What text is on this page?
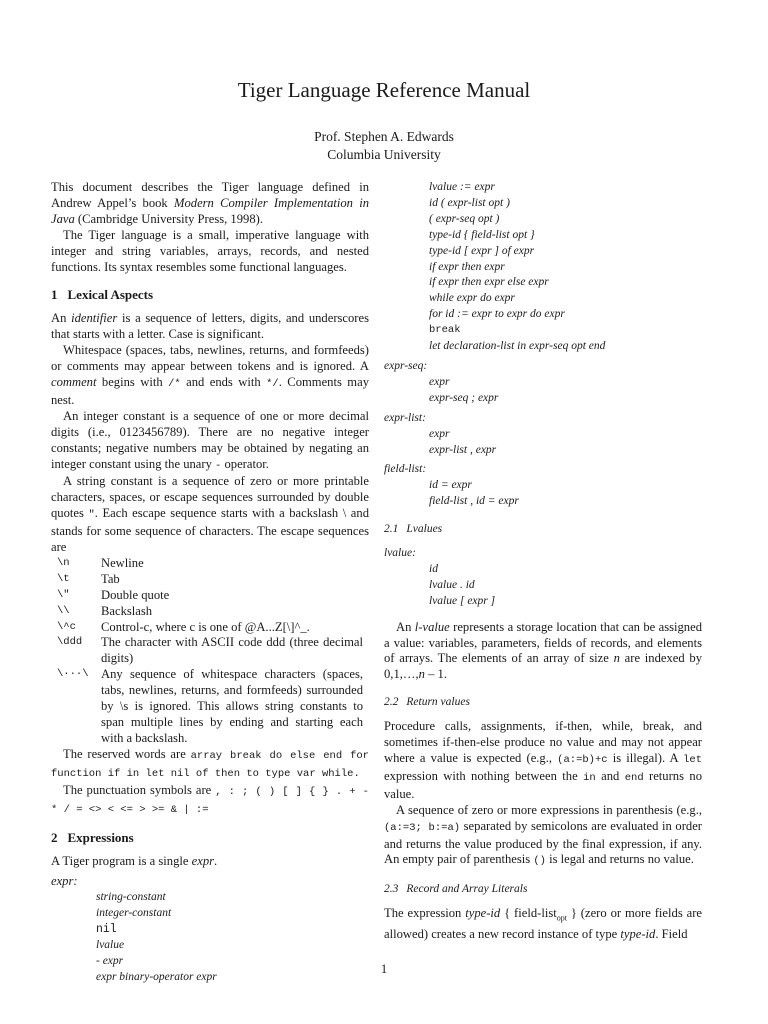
Tiger Language Reference Manual
Prof. Stephen A. Edwards
Columbia University

This document describes the Tiger language defined in Andrew Appel’s book Modern Compiler Implementation in Java (Cambridge University Press, 1998).

The Tiger language is a small, imperative language with integer and string variables, arrays, records, and nested functions. Its syntax resembles some functional languages.

1 Lexical Aspects

An identifier is a sequence of letters, digits, and underscores that starts with a letter. Case is significant.

Whitespace (spaces, tabs, newlines, returns, and formfeeds) or comments may appear between tokens and is ignored. A comment begins with /* and ends with */. Comments may nest.

An integer constant is a sequence of one or more decimal digits (i.e., 0123456789). There are no negative integer constants; negative numbers may be obtained by negating an integer constant using the unary - operator.

A string constant is a sequence of zero or more printable characters, spaces, or escape sequences surrounded by double quotes ". Each escape sequence starts with a backslash \ and stands for some sequence of characters. The escape sequences are

\n	Newline
\t	Tab
\"	Double quote
\\	Backslash
\^c	Control-c, where c is one of @A...Z[\]^_.
\ddd	The character with ASCII code ddd (three decimal digits)
\···\	Any sequence of whitespace characters (spaces, tabs, newlines, returns, and formfeeds) surrounded by \s is ignored. This allows string constants to span multiple lines by ending and starting each with a backslash.

The reserved words are array break do else end for function if in let nil of then to type var while.

The punctuation symbols are , : ; ( ) [ ] { } . + - * / = <> < <= > >= & | :=

2 Expressions

A Tiger program is a single expr.

expr:
string-constant
integer-constant
nil
lvalue
- expr
expr binary-operator expr
lvalue := expr
id ( expr-list opt )
( expr-seq opt )
type-id { field-list opt }
type-id [ expr ] of expr
if expr then expr
if expr then expr else expr
while expr do expr
for id := expr to expr do expr
break
let declaration-list in expr-seq opt end
expr-seq:
expr
expr-seq ; expr
expr-list:
expr
expr-list , expr
field-list:
id = expr
field-list , id = expr
2.1 Lvalues
lvalue:
id
lvalue . id
lvalue [ expr ]

An l-value represents a storage location that can be assigned a value: variables, parameters, fields of records, and elements of arrays. The elements of an array of size n are indexed by 0,1,…,n – 1.

2.2 Return values

Procedure calls, assignments, if-then, while, break, and sometimes if-then-else produce no value and may not appear where a value is expected (e.g., (a:=b)+c is illegal). A let expression with nothing between the in and end returns no value.

A sequence of zero or more expressions in parenthesis (e.g., (a:=3; b:=a) separated by semicolons are evaluated in order and returns the value produced by the final expression, if any. An empty pair of parenthesis () is legal and returns no value.

2.3 Record and Array Literals

The expression type-id { field-list$_{opt}$ } (zero or more fields are allowed) creates a new record instance of type type-id. Field

1
